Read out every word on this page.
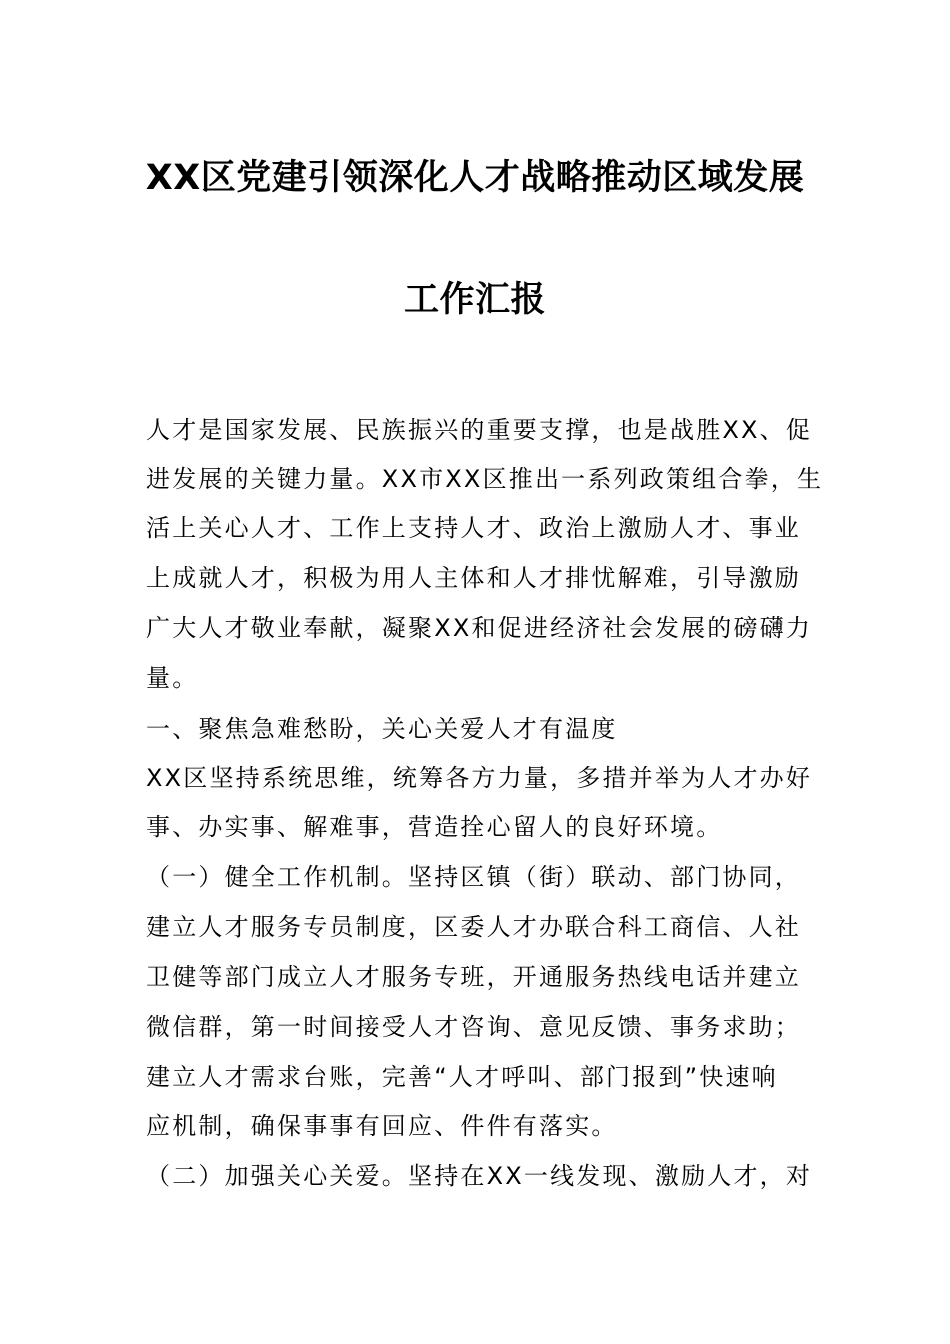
XX区党建引领深化人才战略推动区域发展
工作汇报
人才是国家发展、民族振兴的重要支撑，也是战胜XX、促
进发展的关键力量。XX市XX区推出一系列政策组合拳，生
活上关心人才、工作上支持人才、政治上激励人才、事业
上成就人才，积极为用人主体和人才排忧解难，引导激励
广大人才敬业奉献，凝聚XX和促进经济社会发展的磅礴力
量。
一、聚焦急难愁盼，关心关爱人才有温度
XX区坚持系统思维，统筹各方力量，多措并举为人才办好
事、办实事、解难事，营造拴心留人的良好环境。
（一）健全工作机制。坚持区镇（街）联动、部门协同，
建立人才服务专员制度，区委人才办联合科工商信、人社
卫健等部门成立人才服务专班，开通服务热线电话并建立
微信群，第一时间接受人才咨询、意见反馈、事务求助；
建立人才需求台账，完善“人才呼叫、部门报到”快速响
应机制，确保事事有回应、件件有落实。
（二）加强关心关爱。坚持在XX一线发现、激励人才，对
